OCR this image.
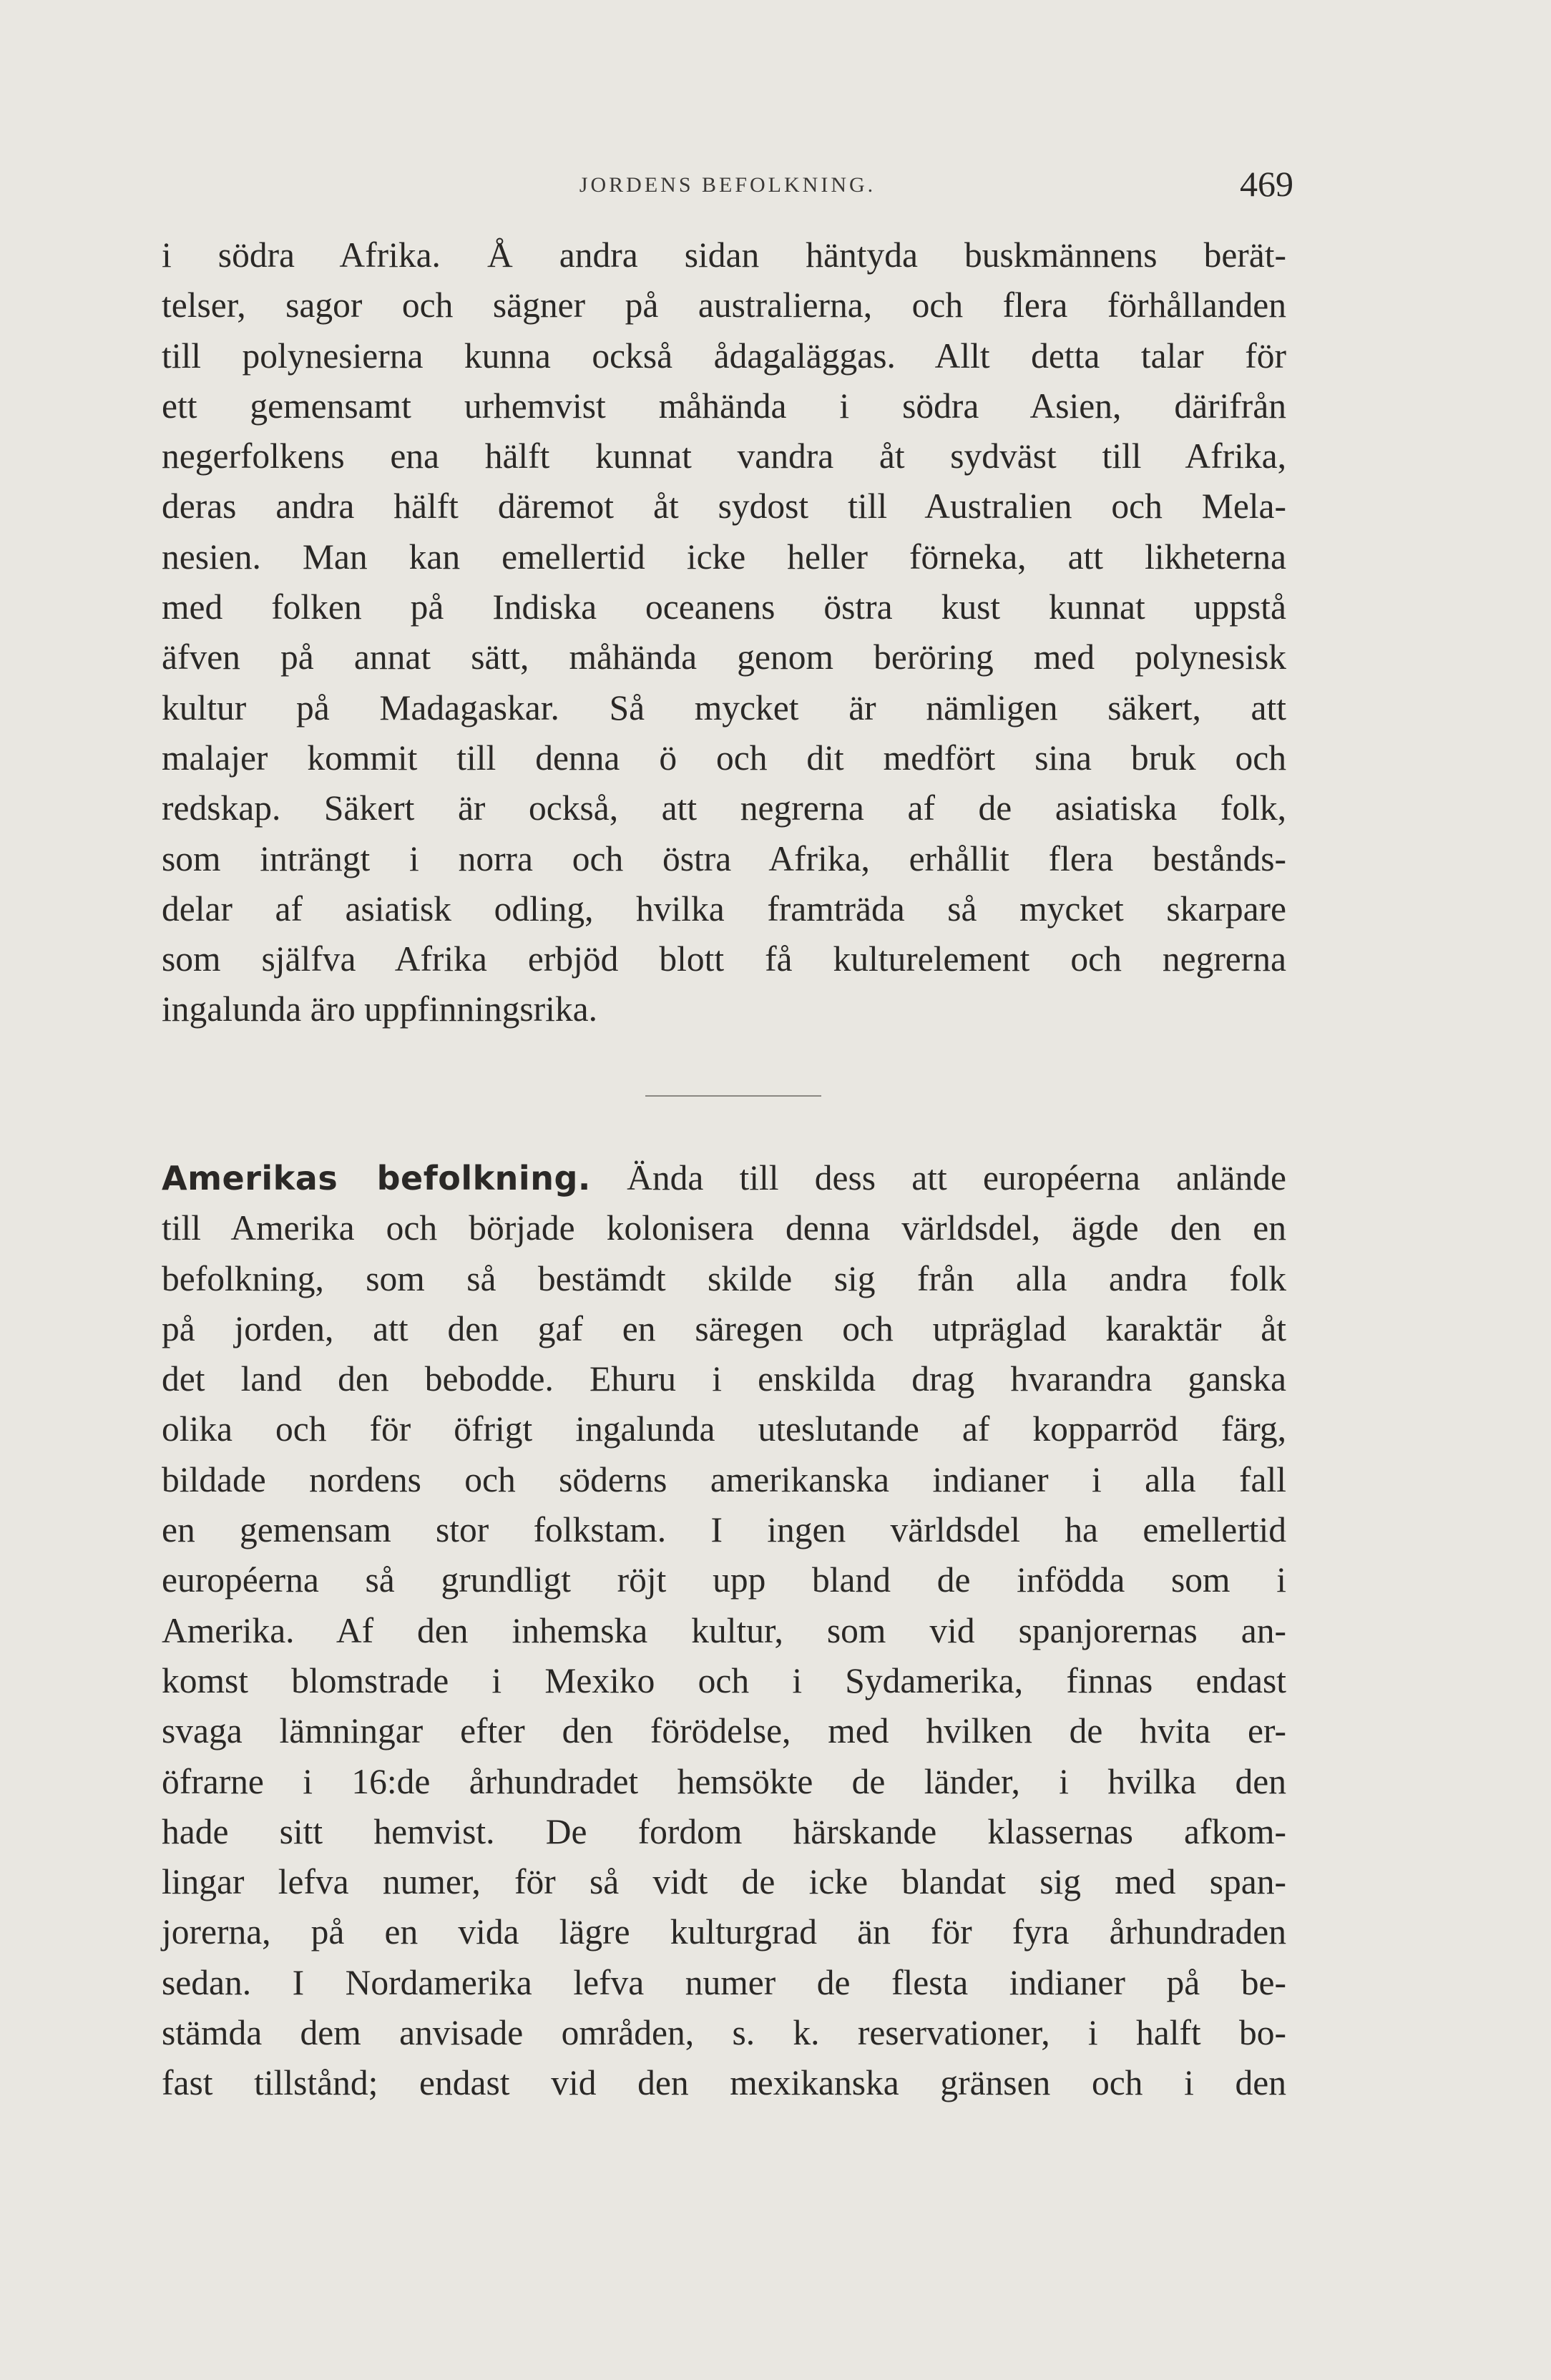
JORDENS BEFOLKNING.	469
i södra Afrika. Å andra sidan häntyda buskmännens berät-
telser, sagor och sägner på australierna, och flera förhållanden
till polynesierna kunna också ådagaläggas. Allt detta talar för
ett gemensamt urhemvist måhända i södra Asien, därifrån
negerfolkens ena hälft kunnat vandra åt sydväst till Afrika,
deras andra hälft däremot åt sydost till Australien och Mela-
nesien. Man kan emellertid icke heller förneka, att likheterna
med folken på Indiska oceanens östra kust kunnat uppstå
äfven på annat sätt, måhända genom beröring med polynesisk
kultur på Madagaskar. Så mycket är nämligen säkert, att
malajer kommit till denna ö och dit medfört sina bruk och
redskap. Säkert är också, att negrerna af de asiatiska folk,
som inträngt i norra och östra Afrika, erhållit flera bestånds-
delar af asiatisk odling, hvilka framträda så mycket skarpare
som själfva Afrika erbjöd blott få kulturelement och negrerna
ingalunda äro uppfinningsrika.
Amerikas befolkning. Ända till dess att européerna anlände
till Amerika och började kolonisera denna världsdel, ägde den en
befolkning, som så bestämdt skilde sig från alla andra folk
på jorden, att den gaf en säregen och utpräglad karaktär åt
det land den bebodde. Ehuru i enskilda drag hvarandra ganska
olika och för öfrigt ingalunda uteslutande af kopparröd färg,
bildade nordens och söderns amerikanska indianer i alla fall
en gemensam stor folkstam. I ingen världsdel ha emellertid
européerna så grundligt röjt upp bland de infödda som i
Amerika. Af den inhemska kultur, som vid spanjorernas an-
komst blomstrade i Mexiko och i Sydamerika, finnas endast
svaga lämningar efter den förödelse, med hvilken de hvita er-
öfrarne i 16:de århundradet hemsökte de länder, i hvilka den
hade sitt hemvist. De fordom härskande klassernas afkom-
lingar lefva numer, för så vidt de icke blandat sig med span-
jorerna, på en vida lägre kulturgrad än för fyra århundraden
sedan. I Nordamerika lefva numer de flesta indianer på be-
stämda dem anvisade områden, s. k. reservationer, i halft bo-
fast tillstånd; endast vid den mexikanska gränsen och i den
